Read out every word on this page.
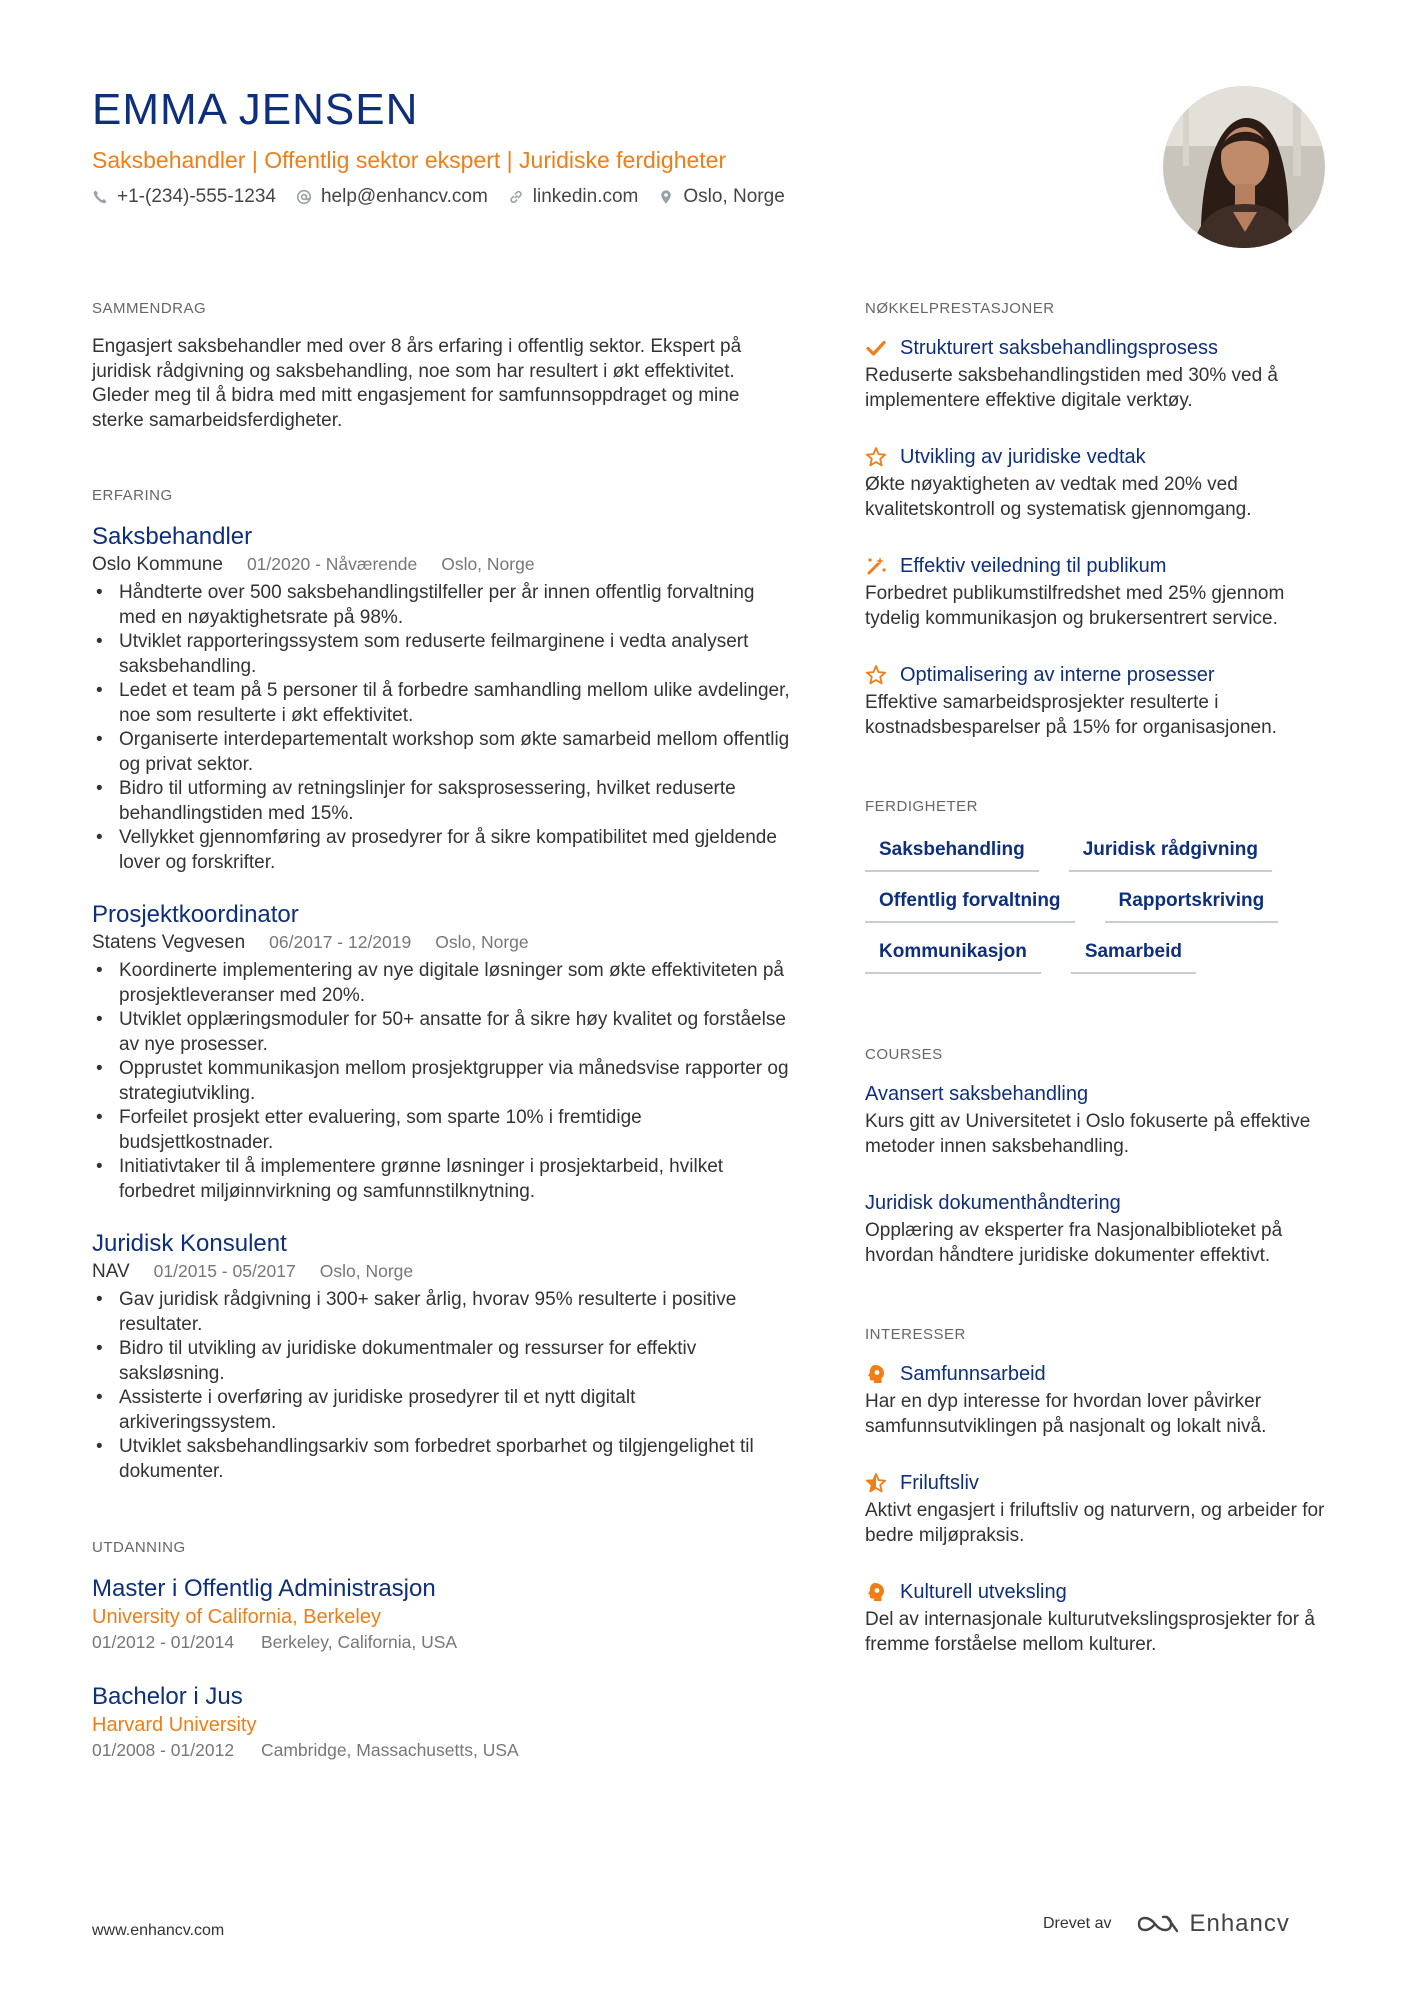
EMMA JENSEN
Saksbehandler | Offentlig sektor ekspert | Juridiske ferdigheter
+1-(234)-555-1234 help@enhancv.com linkedin.com Oslo, Norge
SAMMENDRAG
Engasjert saksbehandler med over 8 års erfaring i offentlig sektor. Ekspert på juridisk rådgivning og saksbehandling, noe som har resultert i økt effektivitet. Gleder meg til å bidra med mitt engasjement for samfunnsoppdraget og mine sterke samarbeidsferdigheter.
ERFARING
Saksbehandler
Oslo Kommune 01/2020 - Nåværende Oslo, Norge
• Håndterte over 500 saksbehandlingstilfeller per år innen offentlig forvaltning med en nøyaktighetsrate på 98%.
• Utviklet rapporteringssystem som reduserte feilmarginene i vedta analysert saksbehandling.
• Ledet et team på 5 personer til å forbedre samhandling mellom ulike avdelinger, noe som resulterte i økt effektivitet.
• Organiserte interdepartementalt workshop som økte samarbeid mellom offentlig og privat sektor.
• Bidro til utforming av retningslinjer for saksprosessering, hvilket reduserte behandlingstiden med 15%.
• Vellykket gjennomføring av prosedyrer for å sikre kompatibilitet med gjeldende lover og forskrifter.
Prosjektkoordinator
Statens Vegvesen 06/2017 - 12/2019 Oslo, Norge
• Koordinerte implementering av nye digitale løsninger som økte effektiviteten på prosjektleveranser med 20%.
• Utviklet opplæringsmoduler for 50+ ansatte for å sikre høy kvalitet og forståelse av nye prosesser.
• Opprustet kommunikasjon mellom prosjektgrupper via månedsvise rapporter og strategiutvikling.
• Forfeilet prosjekt etter evaluering, som sparte 10% i fremtidige budsjettkostnader.
• Initiativtaker til å implementere grønne løsninger i prosjektarbeid, hvilket forbedret miljøinnvirkning og samfunnstilknytning.
Juridisk Konsulent
NAV 01/2015 - 05/2017 Oslo, Norge
• Gav juridisk rådgivning i 300+ saker årlig, hvorav 95% resulterte i positive resultater.
• Bidro til utvikling av juridiske dokumentmaler og ressurser for effektiv saksløsning.
• Assisterte i overføring av juridiske prosedyrer til et nytt digitalt arkiveringssystem.
• Utviklet saksbehandlingsarkiv som forbedret sporbarhet og tilgjengelighet til dokumenter.
UTDANNING
Master i Offentlig Administrasjon
University of California, Berkeley
01/2012 - 01/2014 Berkeley, California, USA
Bachelor i Jus
Harvard University
01/2008 - 01/2012 Cambridge, Massachusetts, USA
NØKKELPRESTASJONER
Strukturert saksbehandlingsprosess
Reduserte saksbehandlingstiden med 30% ved å implementere effektive digitale verktøy.
Utvikling av juridiske vedtak
Økte nøyaktigheten av vedtak med 20% ved kvalitetskontroll og systematisk gjennomgang.
Effektiv veiledning til publikum
Forbedret publikumstilfredshet med 25% gjennom tydelig kommunikasjon og brukersentrert service.
Optimalisering av interne prosesser
Effektive samarbeidsprosjekter resulterte i kostnadsbesparelser på 15% for organisasjonen.
FERDIGHETER
Saksbehandling	Juridisk rådgivning
Offentlig forvaltning	Rapportskriving
Kommunikasjon	Samarbeid
COURSES
Avansert saksbehandling
Kurs gitt av Universitetet i Oslo fokuserte på effektive metoder innen saksbehandling.
Juridisk dokumenthåndtering
Opplæring av eksperter fra Nasjonalbiblioteket på hvordan håndtere juridiske dokumenter effektivt.
INTERESSER
Samfunnsarbeid
Har en dyp interesse for hvordan lover påvirker samfunnsutviklingen på nasjonalt og lokalt nivå.
Friluftsliv
Aktivt engasjert i friluftsliv og naturvern, og arbeider for bedre miljøpraksis.
Kulturell utveksling
Del av internasjonale kulturutvekslingsprosjekter for å fremme forståelse mellom kulturer.
www.enhancv.com	Drevet av	Enhancv
